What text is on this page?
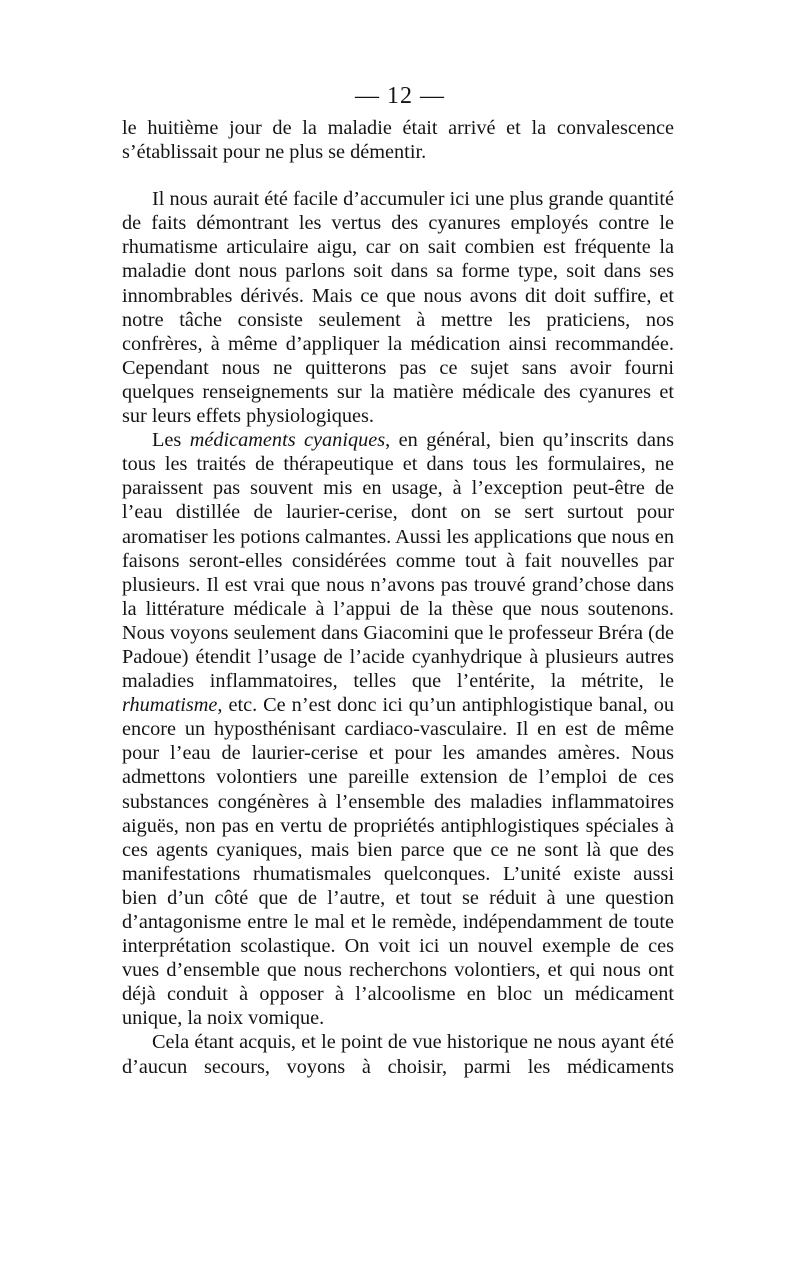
— 12 —

le huitième jour de la maladie était arrivé et la convalescence s’établissait pour ne plus se démentir.

Il nous aurait été facile d’accumuler ici une plus grande quantité de faits démontrant les vertus des cyanures employés contre le rhumatisme articulaire aigu, car on sait combien est fréquente la maladie dont nous parlons soit dans sa forme type, soit dans ses innombrables dérivés. Mais ce que nous avons dit doit suffire, et notre tâche consiste seulement à mettre les praticiens, nos confrères, à même d’appliquer la médication ainsi recommandée. Cependant nous ne quitterons pas ce sujet sans avoir fourni quelques renseignements sur la matière médicale des cyanures et sur leurs effets physiologiques.

Les médicaments cyaniques, en général, bien qu’inscrits dans tous les traités de thérapeutique et dans tous les formulaires, ne paraissent pas souvent mis en usage, à l’exception peut-être de l’eau distillée de laurier-cerise, dont on se sert surtout pour aromatiser les potions calmantes. Aussi les applications que nous en faisons seront-elles considérées comme tout à fait nouvelles par plusieurs. Il est vrai que nous n’avons pas trouvé grand’chose dans la littérature médicale à l’appui de la thèse que nous soutenons. Nous voyons seulement dans Giacomini que le professeur Bréra (de Padoue) étendit l’usage de l’acide cyanhydrique à plusieurs autres maladies inflammatoires, telles que l’entérite, la métrite, le rhumatisme, etc. Ce n’est donc ici qu’un antiphlogistique banal, ou encore un hyposthénisant cardiaco-vasculaire. Il en est de même pour l’eau de laurier-cerise et pour les amandes amères. Nous admettons volontiers une pareille extension de l’emploi de ces substances congénères à l’ensemble des maladies inflammatoires aiguës, non pas en vertu de propriétés antiphlogistiques spéciales à ces agents cyaniques, mais bien parce que ce ne sont là que des manifestations rhumatismales quelconques. L’unité existe aussi bien d’un côté que de l’autre, et tout se réduit à une question d’antagonisme entre le mal et le remède, indépendamment de toute interprétation scolastique. On voit ici un nouvel exemple de ces vues d’ensemble que nous recherchons volontiers, et qui nous ont déjà conduit à opposer à l’alcoolisme en bloc un médicament unique, la noix vomique.

Cela étant acquis, et le point de vue historique ne nous ayant été d’aucun secours, voyons à choisir, parmi les médicaments
